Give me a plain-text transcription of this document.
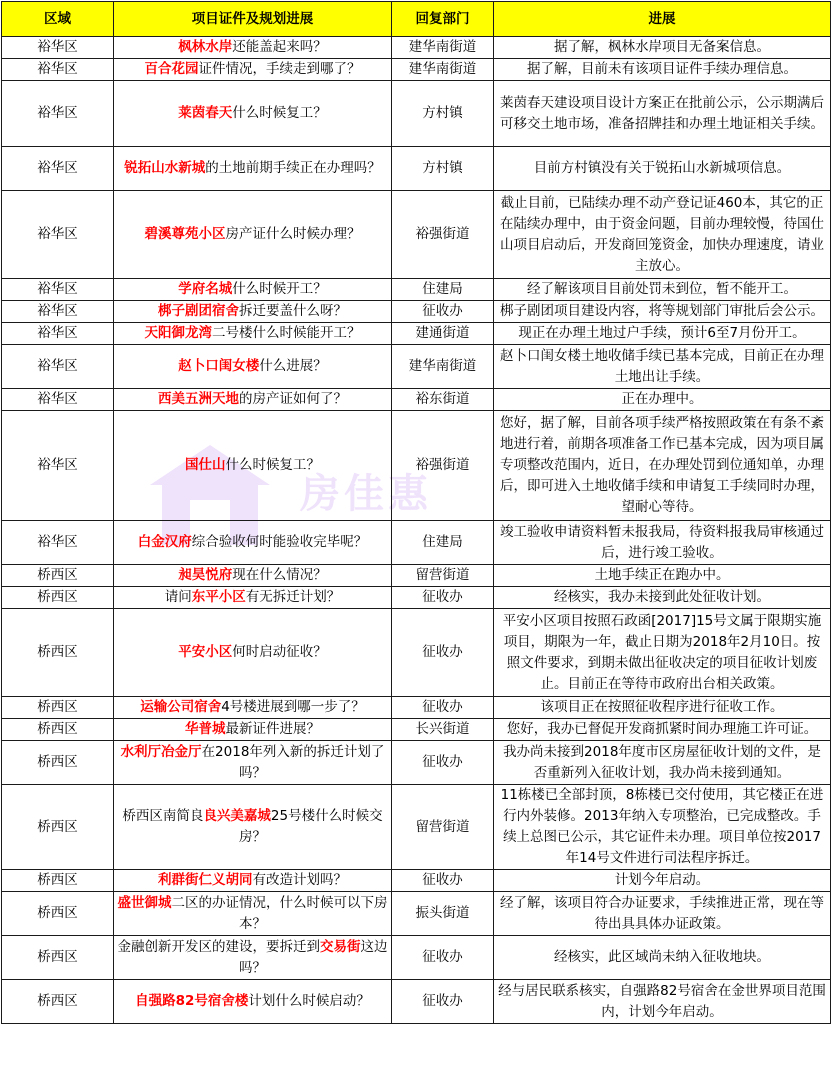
房佳惠
区域	项目证件及规划进展	回复部门	进展
裕华区	枫林水岸还能盖起来吗？	建华南街道	据了解，枫林水岸项目无备案信息。
裕华区	百合花园证件情况，手续走到哪了？	建华南街道	据了解，目前未有该项目证件手续办理信息。
裕华区	莱茵春天什么时候复工？	方村镇	莱茵春天建设项目设计方案正在批前公示，公示期满后可移交土地市场，准备招牌挂和办理土地证相关手续。
裕华区	锐拓山水新城的土地前期手续正在办理吗？	方村镇	目前方村镇没有关于锐拓山水新城项信息。
裕华区	碧溪尊苑小区房产证什么时候办理？	裕强街道	截止目前，已陆续办理不动产登记证460本，其它的正在陆续办理中，由于资金问题，目前办理较慢，待国仕山项目启动后，开发商回笼资金，加快办理速度，请业主放心。
裕华区	学府名城什么时候开工？	住建局	经了解该项目目前处罚未到位，暂不能开工。
裕华区	梆子剧团宿舍拆迁要盖什么呀？	征收办	梆子剧团项目建设内容，将等规划部门审批后会公示。
裕华区	天阳御龙湾二号楼什么时候能开工？	建通街道	现正在办理土地过户手续，预计6至7月份开工。
裕华区	赵卜口闺女楼什么进展？	建华南街道	赵卜口闺女楼土地收储手续已基本完成，目前正在办理土地出让手续。
裕华区	西美五洲天地的房产证如何了？	裕东街道	正在办理中。
裕华区	国仕山什么时候复工？	裕强街道	您好，据了解，目前各项手续严格按照政策在有条不紊地进行着，前期各项准备工作已基本完成，因为项目属专项整改范围内，近日，在办理处罚到位通知单，办理后，即可进入土地收储手续和申请复工手续同时办理，望耐心等待。
裕华区	白金汉府综合验收何时能验收完毕呢？	住建局	竣工验收申请资料暂未报我局，待资料报我局审核通过后，进行竣工验收。
桥西区	昶昊悦府现在什么情况？	留营街道	土地手续正在跑办中。
桥西区	请问东平小区有无拆迁计划？	征收办	经核实，我办未接到此处征收计划。
桥西区	平安小区何时启动征收？	征收办	平安小区项目按照石政函[2017]15号文属于限期实施项目，期限为一年，截止日期为2018年2月10日。按照文件要求，到期未做出征收决定的项目征收计划废止。目前正在等待市政府出台相关政策。
桥西区	运输公司宿舍4号楼进展到哪一步了？	征收办	该项目正在按照征收程序进行征收工作。
桥西区	华普城最新证件进展？	长兴街道	您好，我办已督促开发商抓紧时间办理施工许可证。
桥西区	水利厅冶金厅在2018年列入新的拆迁计划了吗？	征收办	我办尚未接到2018年度市区房屋征收计划的文件，是否重新列入征收计划，我办尚未接到通知。
桥西区	桥西区南简良良兴美嘉城25号楼什么时候交房？	留营街道	11栋楼已全部封顶，8栋楼已交付使用，其它楼正在进行内外装修。2013年纳入专项整治，已完成整改。手续上总图已公示，其它证件未办理。项目单位按2017年14号文件进行司法程序拆迁。
桥西区	利群街仁义胡同有改造计划吗？	征收办	计划今年启动。
桥西区	盛世御城二区的办证情况，什么时候可以下房本？	振头街道	经了解，该项目符合办证要求，手续推进正常，现在等待出具具体办证政策。
桥西区	金融创新开发区的建设，要拆迁到交易街这边吗？	征收办	经核实，此区域尚未纳入征收地块。
桥西区	自强路82号宿舍楼计划什么时候启动？	征收办	经与居民联系核实，自强路82号宿舍在金世界项目范围内，计划今年启动。
